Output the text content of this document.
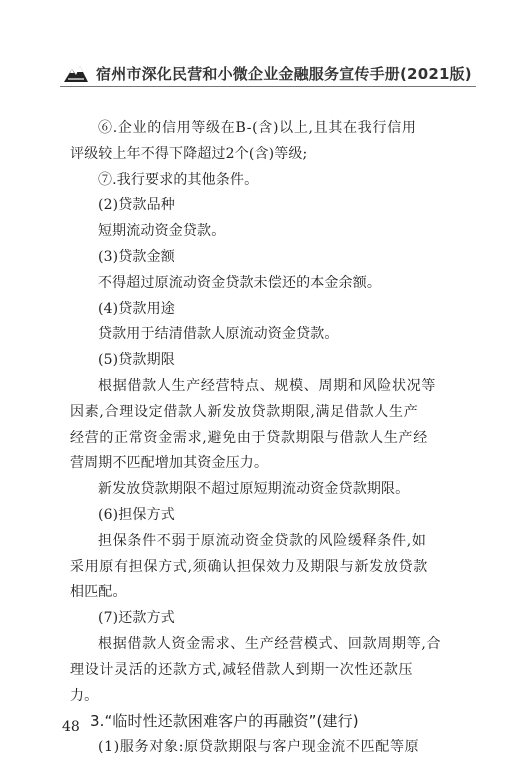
宿州市深化民营和小微企业金融服务宣传手册(2021版)
⑥.企业的信用等级在B-(含)以上,且其在我行信用
评级较上年不得下降超过2个(含)等级;
⑦.我行要求的其他条件。
(2)贷款品种
短期流动资金贷款。
(3)贷款金额
不得超过原流动资金贷款未偿还的本金余额。
(4)贷款用途
贷款用于结清借款人原流动资金贷款。
(5)贷款期限
根据借款人生产经营特点、规模、周期和风险状况等
因素,合理设定借款人新发放贷款期限,满足借款人生产
经营的正常资金需求,避免由于贷款期限与借款人生产经
营周期不匹配增加其资金压力。
新发放贷款期限不超过原短期流动资金贷款期限。
(6)担保方式
担保条件不弱于原流动资金贷款的风险缓释条件,如
采用原有担保方式,须确认担保效力及期限与新发放贷款
相匹配。
(7)还款方式
根据借款人资金需求、生产经营模式、回款周期等,合
理设计灵活的还款方式,减轻借款人到期一次性还款压
力。
3.“临时性还款困难客户的再融资”(建行)
(1)服务对象:原贷款期限与客户现金流不匹配等原
48
